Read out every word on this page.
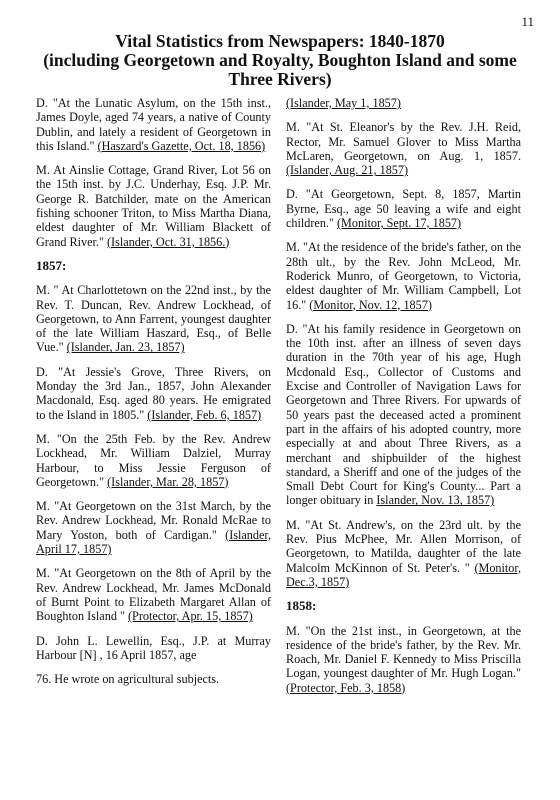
11
Vital Statistics from Newspapers: 1840-1870
(including Georgetown and Royalty, Boughton Island and some
Three Rivers)

D. "At the Lunatic Asylum, on the 15th inst., James Doyle, aged 74 years, a native of County Dublin, and lately a resident of Georgetown in this Island." (Haszard's Gazette, Oct. 18, 1856)

M. At Ainslie Cottage, Grand River, Lot 56 on the 15th inst. by J.C. Underhay, Esq. J.P. Mr. George R. Batchilder, mate on the American fishing schooner Triton, to Miss Martha Diana, eldest daughter of Mr. William Blackett of Grand River." (Islander, Oct. 31, 1856.)

1857:

M. " At Charlottetown on the 22nd inst., by the Rev. T. Duncan, Rev. Andrew Lockhead, of Georgetown, to Ann Farrent, youngest daughter of the late William Haszard, Esq., of Belle Vue." (Islander, Jan. 23, 1857)

D. "At Jessie's Grove, Three Rivers, on Monday the 3rd Jan., 1857, John Alexander Macdonald, Esq. aged 80 years. He emigrated to the Island in 1805." (Islander, Feb. 6, 1857)

M. "On the 25th Feb. by the Rev. Andrew Lockhead, Mr. William Dalziel, Murray Harbour, to Miss Jessie Ferguson of Georgetown." (Islander, Mar. 28, 1857)

M. "At Georgetown on the 31st March, by the Rev. Andrew Lockhead, Mr. Ronald McRae to Mary Yoston, both of Cardigan." (Islander, April 17, 1857)

M. "At Georgetown on the 8th of April by the Rev. Andrew Lockhead, Mr. James McDonald of Burnt Point to Elizabeth Margaret Allan of Boughton Island " (Protector, Apr. 15, 1857)

D. John L. Lewellin, Esq., J.P. at Murray Harbour [N] , 16 April 1857, age

76. He wrote on agricultural subjects.

(Islander, May 1, 1857)

M. "At St. Eleanor's by the Rev. J.H. Reid, Rector, Mr. Samuel Glover to Miss Martha McLaren, Georgetown, on Aug. 1, 1857. (Islander, Aug. 21, 1857)

D. "At Georgetown, Sept. 8, 1857, Martin Byrne, Esq., age 50 leaving a wife and eight children." (Monitor, Sept. 17, 1857)

M. "At the residence of the bride's father, on the 28th ult., by the Rev. John McLeod, Mr. Roderick Munro, of Georgetown, to Victoria, eldest daughter of Mr. William Campbell, Lot 16." (Monitor, Nov. 12, 1857)

D. "At his family residence in Georgetown on the 10th inst. after an illness of seven days duration in the 70th year of his age, Hugh Mcdonald Esq., Collector of Customs and Excise and Controller of Navigation Laws for Georgetown and Three Rivers. For upwards of 50 years past the deceased acted a prominent part in the affairs of his adopted country, more especially at and about Three Rivers, as a merchant and shipbuilder of the highest standard, a Sheriff and one of the judges of the Small Debt Court for King's County... Part a longer obituary in Islander, Nov. 13, 1857)

M. "At St. Andrew's, on the 23rd ult. by the Rev. Pius McPhee, Mr. Allen Morrison, of Georgetown, to Matilda, daughter of the late Malcolm McKinnon of St. Peter's. " (Monitor, Dec.3, 1857)

1858:

M. "On the 21st inst., in Georgetown, at the residence of the bride's father, by the Rev. Mr. Roach, Mr. Daniel F. Kennedy to Miss Priscilla Logan, youngest daughter of Mr. Hugh Logan." (Protector, Feb. 3, 1858)
